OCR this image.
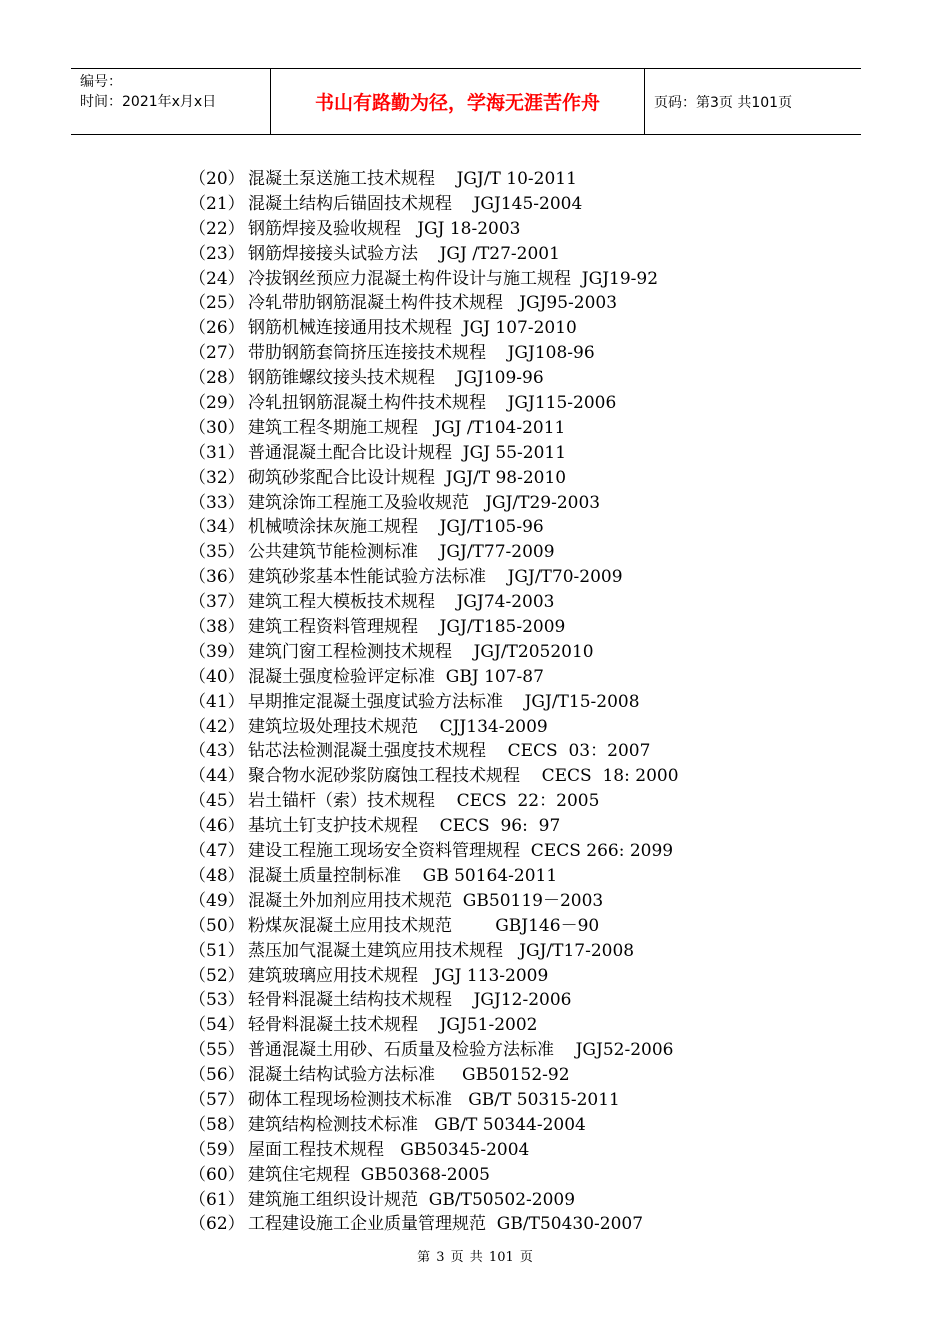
编号：
时间：2021年x月x日	书山有路勤为径，学海无涯苦作舟	页码：第3页 共101页
（20） 混凝土泵送施工技术规程    JGJ/T 10-2011
（21） 混凝土结构后锚固技术规程    JGJ145-2004
（22） 钢筋焊接及验收规程   JGJ 18-2003
（23） 钢筋焊接接头试验方法    JGJ /T27-2001
（24） 冷拔钢丝预应力混凝土构件设计与施工规程  JGJ19-92
（25） 冷轧带肋钢筋混凝土构件技术规程   JGJ95-2003
（26） 钢筋机械连接通用技术规程  JGJ 107-2010
（27） 带肋钢筋套筒挤压连接技术规程    JGJ108-96
（28） 钢筋锥螺纹接头技术规程    JGJ109-96
（29） 冷轧扭钢筋混凝土构件技术规程    JGJ115-2006
（30） 建筑工程冬期施工规程   JGJ /T104-2011
（31） 普通混凝土配合比设计规程  JGJ 55-2011
（32） 砌筑砂浆配合比设计规程  JGJ/T 98-2010
（33） 建筑涂饰工程施工及验收规范   JGJ/T29-2003
（34） 机械喷涂抹灰施工规程    JGJ/T105-96
（35） 公共建筑节能检测标准    JGJ/T77-2009
（36） 建筑砂浆基本性能试验方法标准    JGJ/T70-2009
（37） 建筑工程大模板技术规程    JGJ74-2003
（38） 建筑工程资料管理规程    JGJ/T185-2009
（39） 建筑门窗工程检测技术规程    JGJ/T2052010
（40） 混凝土强度检验评定标准  GBJ 107-87
（41） 早期推定混凝土强度试验方法标准    JGJ/T15-2008
（42） 建筑垃圾处理技术规范    CJJ134-2009
（43） 钻芯法检测混凝土强度技术规程    CECS  03：2007
（44） 聚合物水泥砂浆防腐蚀工程技术规程    CECS  18: 2000
（45） 岩土锚杆（索）技术规程    CECS  22：2005
（46） 基坑土钉支护技术规程    CECS  96:  97
（47） 建设工程施工现场安全资料管理规程  CECS 266: 2099
（48） 混凝土质量控制标准    GB 50164-2011
（49） 混凝土外加剂应用技术规范  GB50119－2003
（50） 粉煤灰混凝土应用技术规范        GBJ146－90
（51） 蒸压加气混凝土建筑应用技术规程   JGJ/T17-2008
（52） 建筑玻璃应用技术规程   JGJ 113-2009
（53） 轻骨料混凝土结构技术规程    JGJ12-2006
（54） 轻骨料混凝土技术规程    JGJ51-2002
（55） 普通混凝土用砂、石质量及检验方法标准    JGJ52-2006
（56） 混凝土结构试验方法标准     GB50152-92
（57） 砌体工程现场检测技术标准   GB/T 50315-2011
（58） 建筑结构检测技术标准   GB/T 50344-2004
（59） 屋面工程技术规程   GB50345-2004
（60） 建筑住宅规程  GB50368-2005
（61） 建筑施工组织设计规范  GB/T50502-2009
（62） 工程建设施工企业质量管理规范  GB/T50430-2007
第 3 页 共 101 页
